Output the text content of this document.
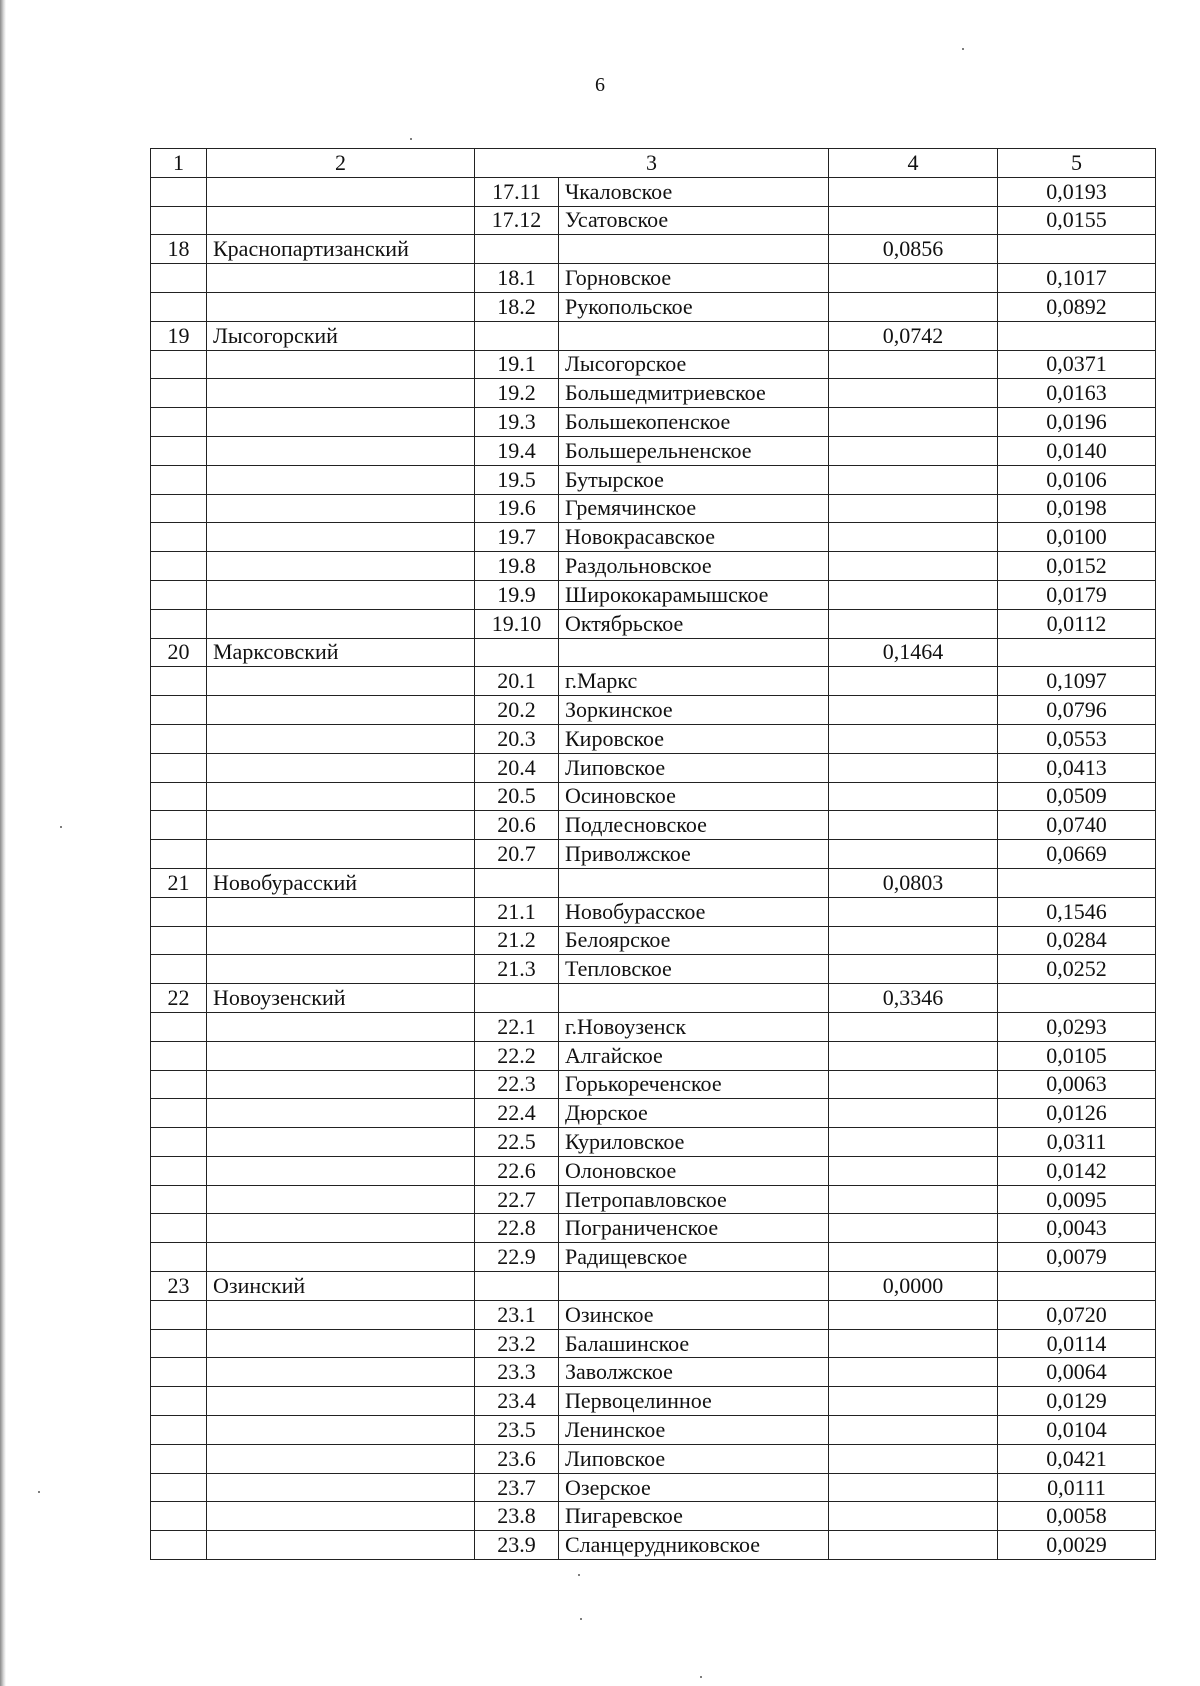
6
1	2	3		4	5
		17.11	Чкаловское		0,0193
		17.12	Усатовское		0,0155
18	Краснопартизанский			0,0856	
		18.1	Горновское		0,1017
		18.2	Рукопольское		0,0892
19	Лысогорский			0,0742	
		19.1	Лысогорское		0,0371
		19.2	Большедмитриевское		0,0163
		19.3	Большекопенское		0,0196
		19.4	Большерельненское		0,0140
		19.5	Бутырское		0,0106
		19.6	Гремячинское		0,0198
		19.7	Новокрасавское		0,0100
		19.8	Раздольновское		0,0152
		19.9	Ширококарамышское		0,0179
		19.10	Октябрьское		0,0112
20	Марксовский			0,1464	
		20.1	г.Маркс		0,1097
		20.2	Зоркинское		0,0796
		20.3	Кировское		0,0553
		20.4	Липовское		0,0413
		20.5	Осиновское		0,0509
		20.6	Подлесновское		0,0740
		20.7	Приволжское		0,0669
21	Новобурасский			0,0803	
		21.1	Новобурасское		0,1546
		21.2	Белоярское		0,0284
		21.3	Тепловское		0,0252
22	Новоузенский			0,3346	
		22.1	г.Новоузенск		0,0293
		22.2	Алгайское		0,0105
		22.3	Горькореченское		0,0063
		22.4	Дюрское		0,0126
		22.5	Куриловское		0,0311
		22.6	Олоновское		0,0142
		22.7	Петропавловское		0,0095
		22.8	Пограниченское		0,0043
		22.9	Радищевское		0,0079
23	Озинский			0,0000	
		23.1	Озинское		0,0720
		23.2	Балашинское		0,0114
		23.3	Заволжское		0,0064
		23.4	Первоцелинное		0,0129
		23.5	Ленинское		0,0104
		23.6	Липовское		0,0421
		23.7	Озерское		0,0111
		23.8	Пигаревское		0,0058
		23.9	Сланцерудниковское		0,0029
